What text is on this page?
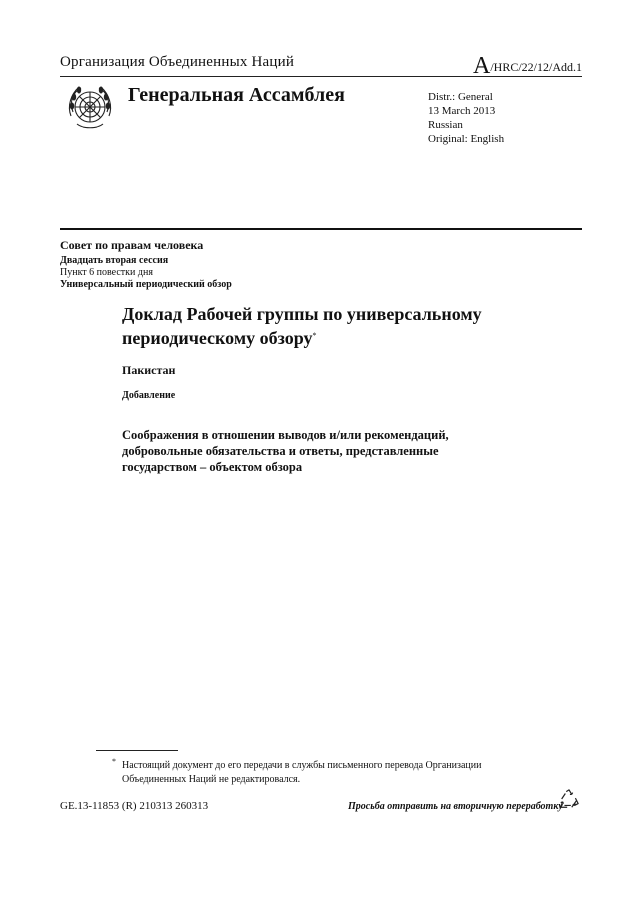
Организация Объединенных Наций	A/HRC/22/12/Add.1
Генеральная Ассамблея	Distr.: General
13 March 2013
Russian
Original: English
Совет по правам человека
Двадцать вторая сессия
Пункт 6 повестки дня
Универсальный периодический обзор
Доклад Рабочей группы по универсальному периодическому обзору*
Пакистан
Добавление
Соображения в отношении выводов и/или рекомендаций, добровольные обязательства и ответы, представленные государством – объектом обзора
* Настоящий документ до его передачи в службы письменного перевода Организации Объединенных Наций не редактировался.
GE.13-11853 (R) 210313 260313	Просьба отправить на вторичную переработку
